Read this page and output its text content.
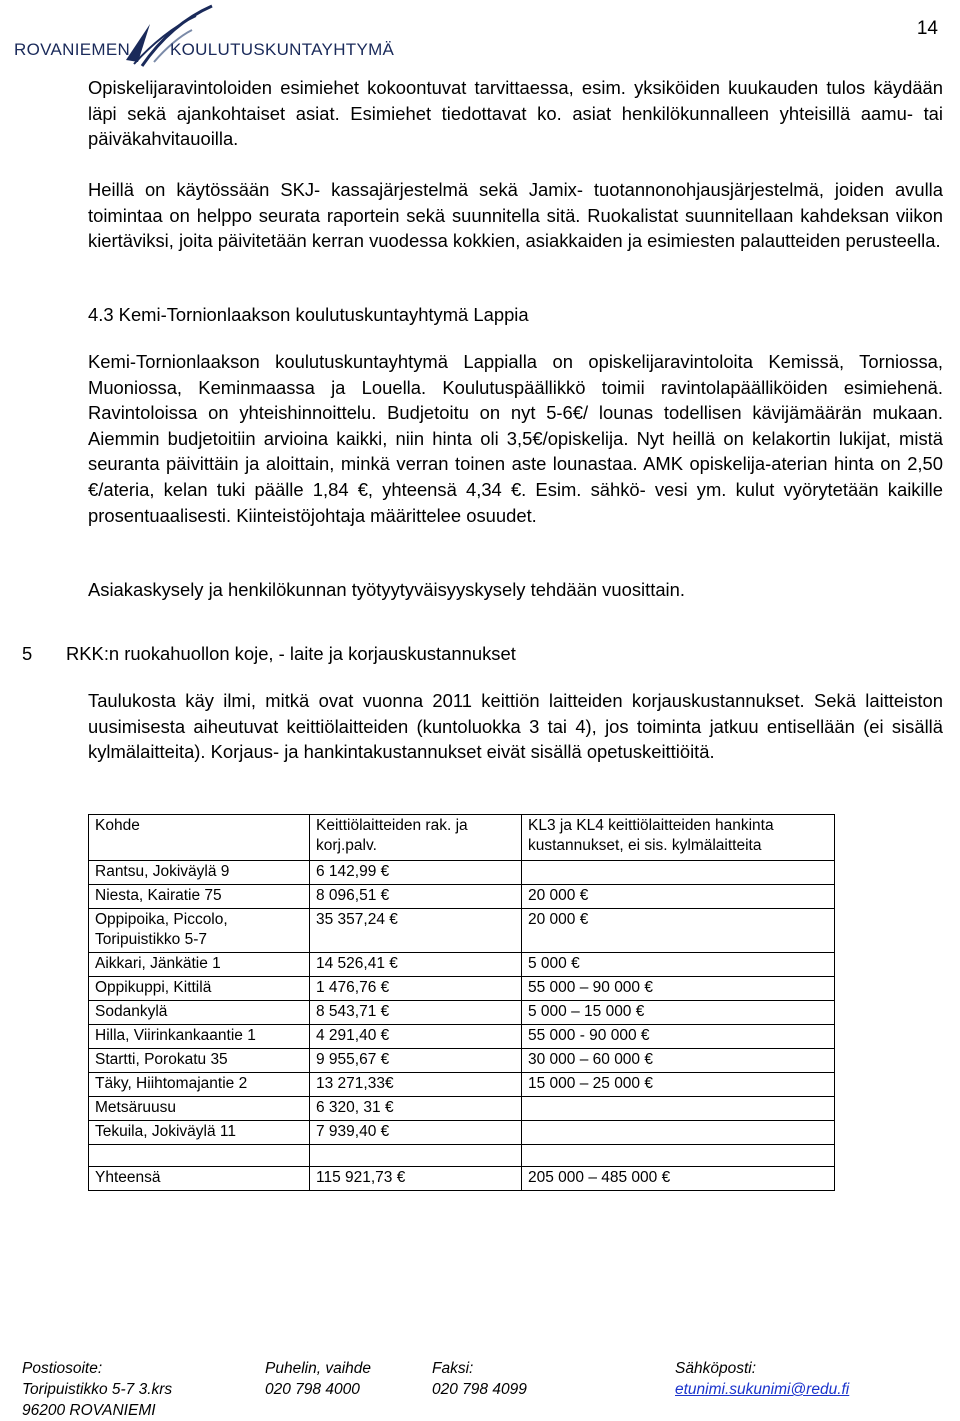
ROVANIEMEN KOULUTUSKUNTAYHTYMÄ
14

Opiskelijaravintoloiden esimiehet kokoontuvat tarvittaessa, esim. yksiköiden kuukauden tulos käydään läpi sekä ajankohtaiset asiat. Esimiehet tiedottavat ko. asiat henkilökunnalleen yhteisillä aamu- tai päiväkahvitauoilla.

Heillä on käytössään SKJ- kassajärjestelmä sekä Jamix- tuotannonohjausjärjestelmä, joiden avulla toimintaa on helppo seurata raportein sekä suunnitella sitä. Ruokalistat suunnitellaan kahdeksan viikon kiertäviksi, joita päivitetään kerran vuodessa kokkien, asiakkaiden ja esimiesten palautteiden perusteella.

4.3 Kemi-Tornionlaakson koulutuskuntayhtymä Lappia

Kemi-Tornionlaakson koulutuskuntayhtymä Lappialla on opiskelijaravintoloita Kemissä, Torniossa, Muoniossa, Keminmaassa ja Louella. Koulutuspäällikkö toimii ravintolapäälliköiden esimiehenä. Ravintoloissa on yhteishinnoittelu. Budjetoitu on nyt 5-6€/ lounas todellisen kävijämäärän mukaan. Aiemmin budjetoitiin arvioina kaikki, niin hinta oli 3,5€/opiskelija. Nyt heillä on kelakortin lukijat, mistä seuranta päivittäin ja aloittain, minkä verran toinen aste lounastaa. AMK opiskelija-aterian hinta on 2,50 €/ateria, kelan tuki päälle 1,84 €, yhteensä 4,34 €. Esim. sähkö- vesi ym. kulut vyörytetään kaikille prosentuaalisesti. Kiinteistöjohtaja määrittelee osuudet.

Asiakaskysely ja henkilökunnan työtyytyväisyyskysely tehdään vuosittain.

5 RKK:n ruokahuollon koje, - laite ja korjauskustannukset

Taulukosta käy ilmi, mitkä ovat vuonna 2011 keittiön laitteiden korjauskustannukset. Sekä laitteiston uusimisesta aiheutuvat keittiölaitteiden (kuntoluokka 3 tai 4), jos toiminta jatkuu entisellään (ei sisällä kylmälaitteita). Korjaus- ja hankintakustannukset eivät sisällä opetuskeittiöitä.

Kohde	Keittiölaitteiden rak. ja korj.palv.	KL3 ja KL4 keittiölaitteiden hankinta kustannukset, ei sis. kylmälaitteita
Rantsu, Jokiväylä 9	6 142,99 €	
Niesta, Kairatie 75	8 096,51 €	20 000 €
Oppipoika, Piccolo, Toripuistikko 5-7	35 357,24 €	20 000 €
Aikkari, Jänkätie 1	14 526,41 €	5 000 €
Oppikuppi, Kittilä	1 476,76 €	55 000 – 90 000 €
Sodankylä	8 543,71 €	5 000 – 15 000 €
Hilla, Viirinkankaantie 1	4 291,40 €	55 000 - 90 000 €
Startti, Porokatu 35	9 955,67 €	30 000 – 60 000 €
Täky, Hiihtomajantie 2	13 271,33€	15 000 – 25 000 €
Metsäruusu	6 320, 31 €	
Tekuila, Jokiväylä 11	7 939,40 €	

Yhteensä	115 921,73 €	205 000 – 485 000 €
Postiosoite:
Toripuistikko 5-7 3.krs
96200 ROVANIEMI
Puhelin, vaihde
020 798 4000
Faksi:
020 798 4099
Sähköposti:
etunimi.sukunimi@redu.fi
